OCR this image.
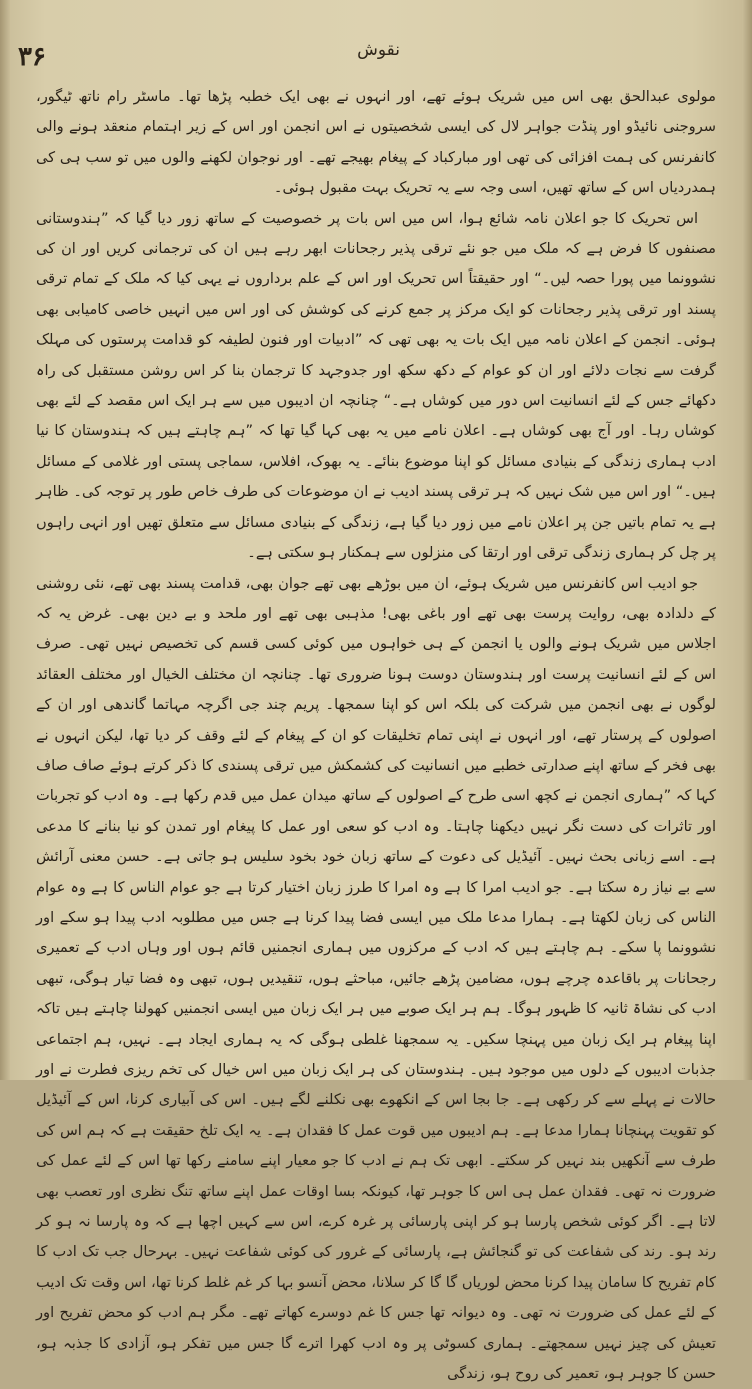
۳۶	نقوش

مولوی عبدالحق بھی اس میں شریک ہوئے تھے، اور انہوں نے بھی ایک خطبہ پڑھا تھا۔ ماسٹر رام ناتھ ٹیگور، سروجنی نائیڈو اور پنڈت جواہر لال کی ایسی شخصیتوں نے اس انجمن اور اس کے زیر اہتمام منعقد ہونے والی کانفرنس کی ہمت افزائی کی تھی اور مبارکباد کے پیغام بھیجے تھے۔ اور نوجوان لکھنے والوں میں تو سب ہی کی ہمدردیاں اس کے ساتھ تھیں، اسی وجہ سے یہ تحریک بہت مقبول ہوئی۔

اس تحریک کا جو اعلان نامہ شائع ہوا، اس میں اس بات پر خصوصیت کے ساتھ زور دیا گیا کہ ”ہندوستانی مصنفوں کا فرض ہے کہ ملک میں جو نئے ترقی پذیر رجحانات ابھر رہے ہیں ان کی ترجمانی کریں اور ان کی نشوونما میں پورا حصہ لیں۔“ اور حقیقتاً اس تحریک اور اس کے علم برداروں نے یہی کیا کہ ملک کے تمام ترقی پسند اور ترقی پذیر رجحانات کو ایک مرکز پر جمع کرنے کی کوشش کی اور اس میں انہیں خاصی کامیابی بھی ہوئی۔ انجمن کے اعلان نامہ میں ایک بات یہ بھی تھی کہ ”ادبیات اور فنون لطیفہ کو قدامت پرستوں کی مہلک گرفت سے نجات دلائے اور ان کو عوام کے دکھ سکھ اور جدوجہد کا ترجمان بنا کر اس روشن مستقبل کی راہ دکھائے جس کے لئے انسانیت اس دور میں کوشاں ہے۔“ چنانچہ ان ادیبوں میں سے ہر ایک اس مقصد کے لئے بھی کوشاں رہا۔ اور آج بھی کوشاں ہے۔ اعلان نامے میں یہ بھی کہا گیا تھا کہ ”ہم چاہتے ہیں کہ ہندوستان کا نیا ادب ہماری زندگی کے بنیادی مسائل کو اپنا موضوع بنائے۔ یہ بھوک، افلاس، سماجی پستی اور غلامی کے مسائل ہیں۔“ اور اس میں شک نہیں کہ ہر ترقی پسند ادیب نے ان موضوعات کی طرف خاص طور پر توجہ کی۔ ظاہر ہے یہ تمام باتیں جن پر اعلان نامے میں زور دیا گیا ہے، زندگی کے بنیادی مسائل سے متعلق تھیں اور انہی راہوں پر چل کر ہماری زندگی ترقی اور ارتقا کی منزلوں سے ہمکنار ہو سکتی ہے۔

جو ادیب اس کانفرنس میں شریک ہوئے، ان میں بوڑھے بھی تھے جوان بھی، قدامت پسند بھی تھے، نئی روشنی کے دلدادہ بھی، روایت پرست بھی تھے اور باغی بھی! مذہبی بھی تھے اور ملحد و بے دین بھی۔ غرض یہ کہ اجلاس میں شریک ہونے والوں یا انجمن کے ہی خواہوں میں کوئی کسی قسم کی تخصیص نہیں تھی۔ صرف اس کے لئے انسانیت پرست اور ہندوستان دوست ہونا ضروری تھا۔ چنانچہ ان مختلف الخیال اور مختلف العقائد لوگوں نے بھی انجمن میں شرکت کی بلکہ اس کو اپنا سمجھا۔ پریم چند جی اگرچہ مہاتما گاندھی اور ان کے اصولوں کے پرستار تھے، اور انہوں نے اپنی تمام تخلیقات کو ان کے پیغام کے لئے وقف کر دیا تھا، لیکن انہوں نے بھی فخر کے ساتھ اپنے صدارتی خطبے میں انسانیت کی کشمکش میں ترقی پسندی کا ذکر کرتے ہوئے صاف صاف کہا کہ ”ہماری انجمن نے کچھ اسی طرح کے اصولوں کے ساتھ میدان عمل میں قدم رکھا ہے۔ وہ ادب کو تجربات اور تاثرات کی دست نگر نہیں دیکھنا چاہتا۔ وہ ادب کو سعی اور عمل کا پیغام اور تمدن کو نیا بنانے کا مدعی ہے۔ اسے زبانی بحث نہیں۔ آئیڈیل کی دعوت کے ساتھ زبان خود بخود سلیس ہو جاتی ہے۔ حسن معنی آرائش سے بے نیاز رہ سکتا ہے۔ جو ادیب امرا کا ہے وہ امرا کا طرز زبان اختیار کرتا ہے جو عوام الناس کا ہے وہ عوام الناس کی زبان لکھتا ہے۔ ہمارا مدعا ملک میں ایسی فضا پیدا کرنا ہے جس میں مطلوبہ ادب پیدا ہو سکے اور نشوونما پا سکے۔ ہم چاہتے ہیں کہ ادب کے مرکزوں میں ہماری انجمنیں قائم ہوں اور وہاں ادب کے تعمیری رجحانات پر باقاعدہ چرچے ہوں، مضامین پڑھے جائیں، مباحثے ہوں، تنقیدیں ہوں، تبھی وہ فضا تیار ہوگی، تبھی ادب کی نشاۃ ثانیہ کا ظہور ہوگا۔ ہم ہر ایک صوبے میں ہر ایک زبان میں ایسی انجمنیں کھولنا چاہتے ہیں تاکہ اپنا پیغام ہر ایک زبان میں پہنچا سکیں۔ یہ سمجھنا غلطی ہوگی کہ یہ ہماری ایجاد ہے۔ نہیں، ہم اجتماعی جذبات ادیبوں کے دلوں میں موجود ہیں۔ ہندوستان کی ہر ایک زبان میں اس خیال کی تخم ریزی فطرت نے اور حالات نے پہلے سے کر رکھی ہے۔ جا بجا اس کے انکھوے بھی نکلنے لگے ہیں۔ اس کی آبیاری کرنا، اس کے آئیڈیل کو تقویت پہنچانا ہمارا مدعا ہے۔ ہم ادیبوں میں قوت عمل کا فقدان ہے۔ یہ ایک تلخ حقیقت ہے کہ ہم اس کی طرف سے آنکھیں بند نہیں کر سکتے۔ ابھی تک ہم نے ادب کا جو معیار اپنے سامنے رکھا تھا اس کے لئے عمل کی ضرورت نہ تھی۔ فقدان عمل ہی اس کا جوہر تھا، کیونکہ بسا اوقات عمل اپنے ساتھ تنگ نظری اور تعصب بھی لاتا ہے۔ اگر کوئی شخص پارسا ہو کر اپنی پارسائی پر غرہ کرے، اس سے کہیں اچھا ہے کہ وہ پارسا نہ ہو کر رند ہو۔ رند کی شفاعت کی تو گنجائش ہے، پارسائی کے غرور کی کوئی شفاعت نہیں۔ بہرحال جب تک ادب کا کام تفریح کا سامان پیدا کرنا محض لوریاں گا گا کر سلانا، محض آنسو بہا کر غم غلط کرنا تھا، اس وقت تک ادیب کے لئے عمل کی ضرورت نہ تھی۔ وہ دیوانہ تھا جس کا غم دوسرے کھاتے تھے۔ مگر ہم ادب کو محض تفریح اور تعیش کی چیز نہیں سمجھتے۔ ہماری کسوٹی پر وہ ادب کھرا اترے گا جس میں تفکر ہو، آزادی کا جذبہ ہو، حسن کا جوہر ہو، تعمیر کی روح ہو، زندگی
